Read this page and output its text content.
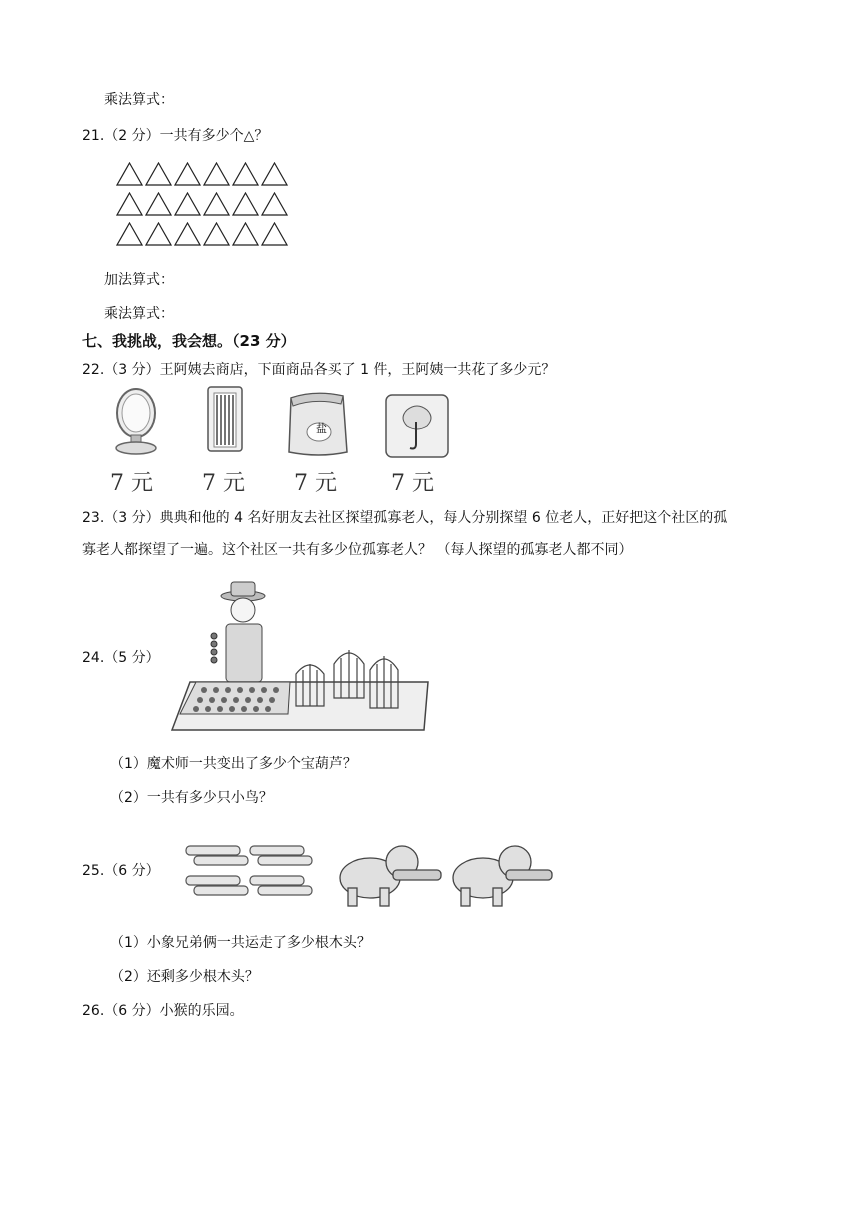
乘法算式：
21.（2 分）一共有多少个△？
加法算式：
乘法算式：
七、我挑战，我会想。（23 分）
22.（3 分）王阿姨去商店，下面商品各买了 1 件，王阿姨一共花了多少元？
盐
7 元 7 元 7 元 7 元
23.（3 分）典典和他的 4 名好朋友去社区探望孤寡老人，每人分别探望 6 位老人，正好把这个社区的孤
寡老人都探望了一遍。这个社区一共有多少位孤寡老人？ （每人探望的孤寡老人都不同）
24.（5 分）
（1）魔术师一共变出了多少个宝葫芦？
（2）一共有多少只小鸟？
25.（6 分）
（1）小象兄弟俩一共运走了多少根木头？
（2）还剩多少根木头？
26.（6 分）小猴的乐园。
